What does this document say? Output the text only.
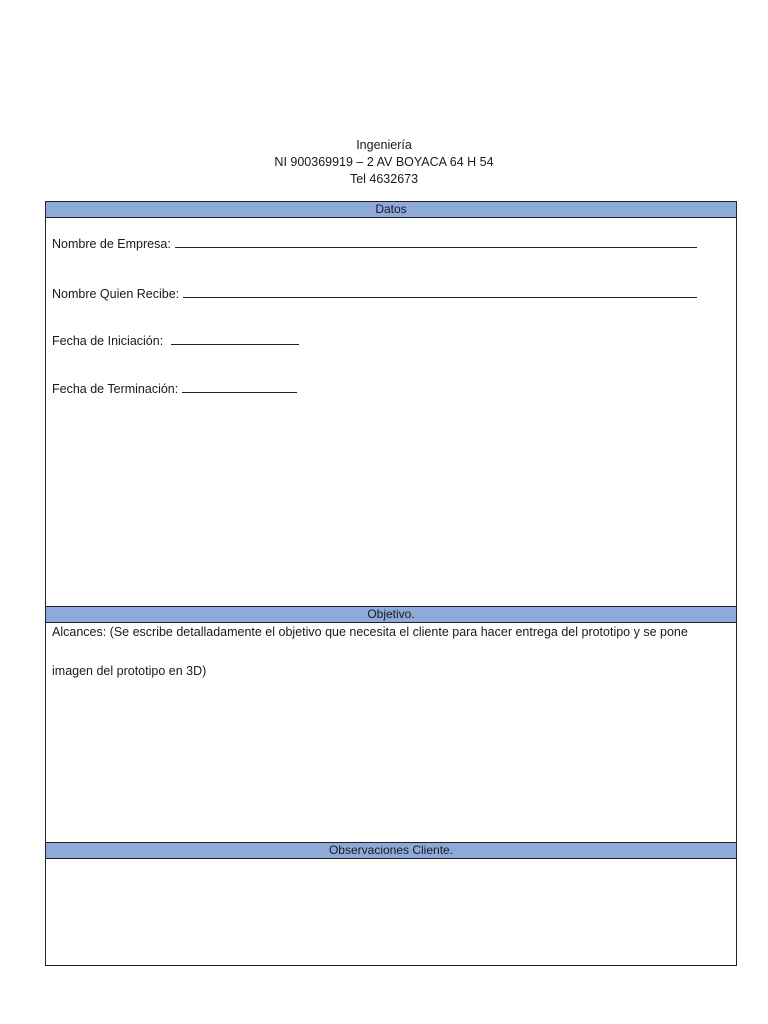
Ingeniería
NI 900369919 – 2 AV BOYACA 64 H 54
Tel 4632673
Datos
Nombre de Empresa:
Nombre Quien Recibe:
Fecha de Iniciación:
Fecha de Terminación:
Objetivo.
Alcances: (Se escribe detalladamente el objetivo que necesita el cliente para hacer entrega del prototipo y se pone imagen del prototipo en 3D)
Observaciones Cliente.
